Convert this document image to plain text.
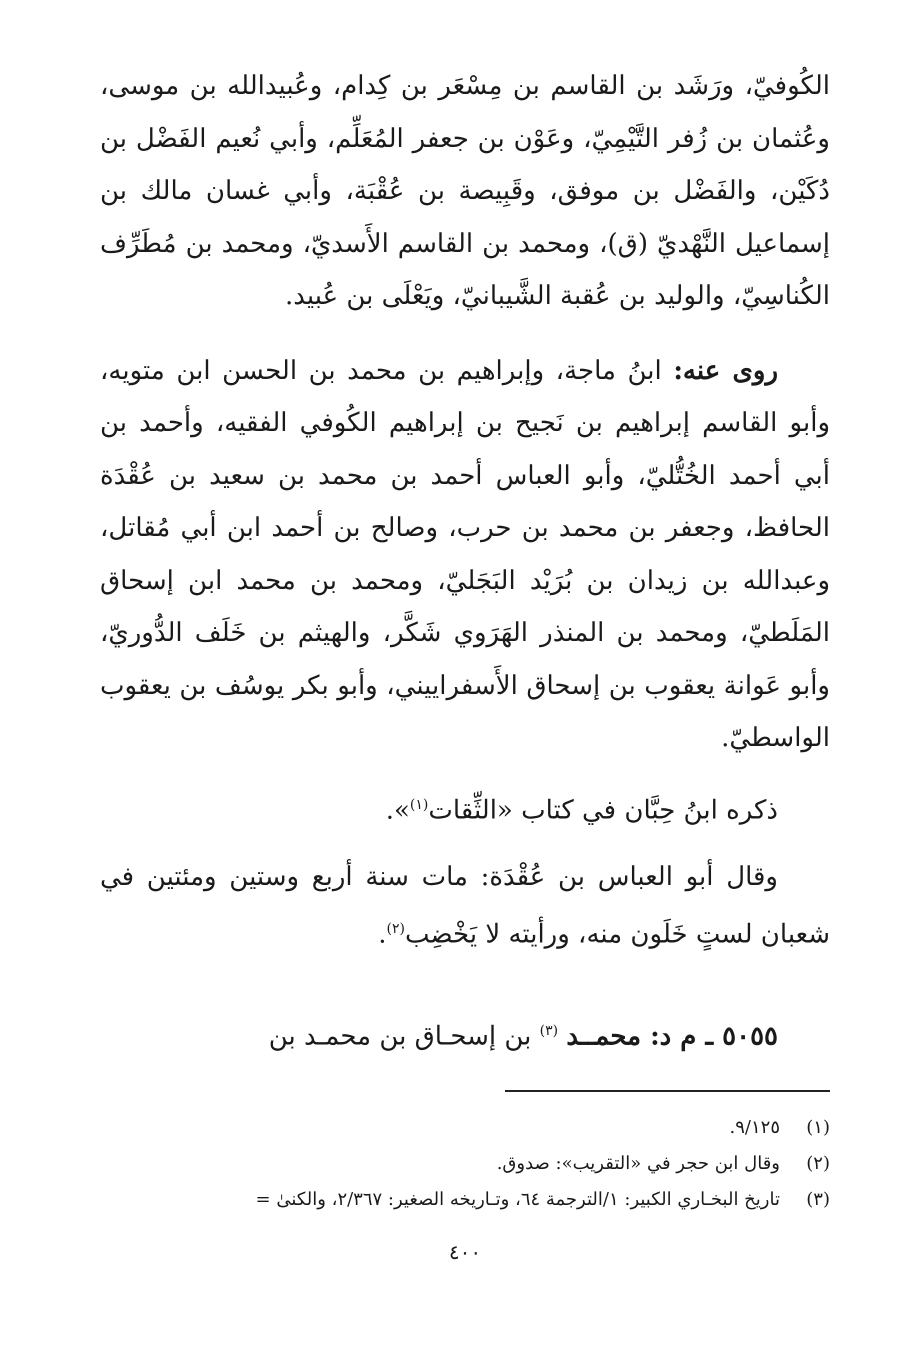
الكُوفيّ، ورَشَد بن القاسم بن مِسْعَر بن كِدام، وعُبيدالله بن موسى، وعُثمان بن زُفر التَّيْمِيّ، وعَوْن بن جعفر المُعَلِّم، وأبي نُعيم الفَضْل بن دُكَيْن، والفَضْل بن موفق، وقَبِيصة بن عُقْبَة، وأبي غسان مالك بن إسماعيل النَّهْديّ (ق)، ومحمد بن القاسم الأَسديّ، ومحمد بن مُطَرِّف الكُناسِيّ، والوليد بن عُقبة الشَّيبانيّ، ويَعْلَى بن عُبيد.

روى عنه: ابنُ ماجة، وإبراهيم بن محمد بن الحسن ابن متويه، وأبو القاسم إبراهيم بن نَجيح بن إبراهيم الكُوفي الفقيه، وأحمد بن أبي أحمد الخُتُّليّ، وأبو العباس أحمد بن محمد بن سعيد بن عُقْدَة الحافظ، وجعفر بن محمد بن حرب، وصالح بن أحمد ابن أبي مُقاتل، وعبدالله بن زيدان بن بُرَيْد البَجَليّ، ومحمد بن محمد ابن إسحاق المَلَطيّ، ومحمد بن المنذر الهَرَوي شَكَّر، والهيثم بن خَلَف الدُّوريّ، وأبو عَوانة يعقوب بن إسحاق الأَسفراييني، وأبو بكر يوسُف بن يعقوب الواسطيّ.

ذكره ابنُ حِبَّان في كتاب «الثِّقات$^{(١)}$».

وقال أبو العباس بن عُقْدَة: مات سنة أربع وستين ومئتين في شعبان لستٍ خَلَون منه، ورأيته لا يَخْضِب$^{(٢)}$.

٥٠٥٥ ـ م د: محمــد $^{(٣)}$ بن إسحـاق بن محمـد بن

(١)٩/١٢٥.

(٢)وقال ابن حجر في «التقريب»: صدوق.

(٣)تاريخ البخـاري الكبير: ١/الترجمة ٦٤، وتـاريخه الصغير: ٢/٣٦٧، والكنىٰ =

٤٠٠
